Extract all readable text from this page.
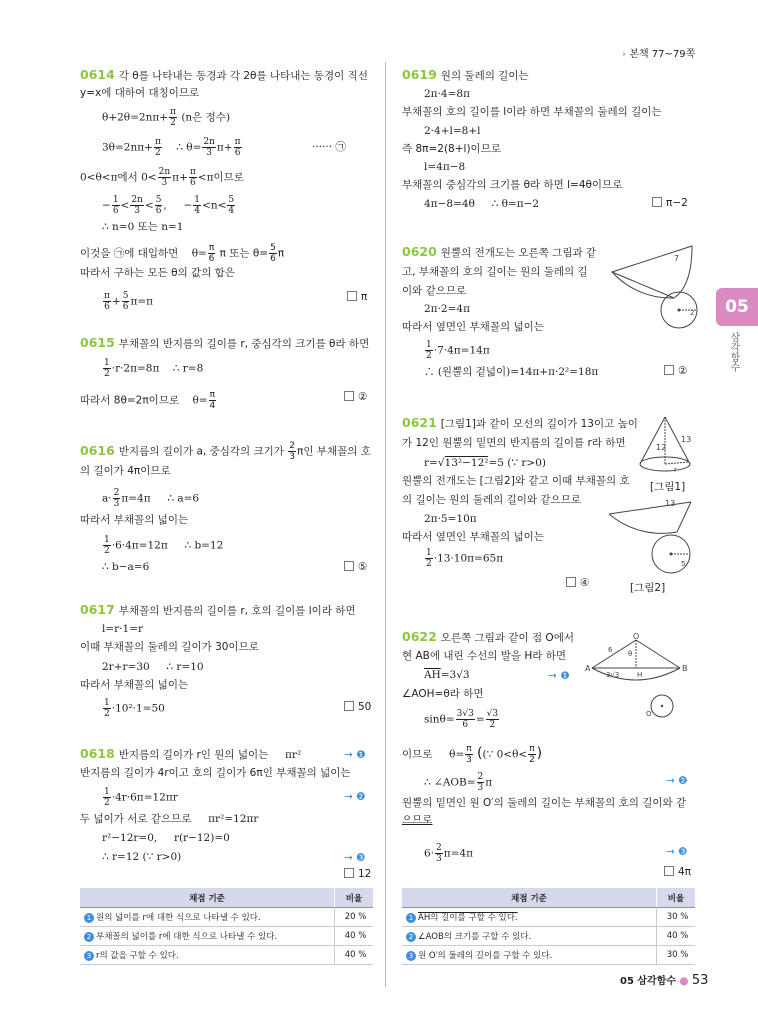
› 본책 77~79쪽
05
삼각함수
0614 각 θ를 나타내는 동경과 각 2θ를 나타내는 동경이 직선
y=x에 대하여 대칭이므로
$\theta+2\theta=2n\pi+ \frac{\pi}{2} (n$은 정수)
$3\theta=2n\pi+ \frac{\pi}{2}$ ∴ $\theta= \frac{2n}{3} \pi+ \frac{\pi}{6}$	······ ㉠
0<θ<π에서 $0< \frac{2n}{3} \pi+ \frac{\pi}{6} <\pi$이므로
− $\frac{1}{6} < \frac{2n}{3} < \frac{5}{6}$ , − $\frac{1}{4} <n< \frac{5}{4}$
∴ n=0 또는 n=1
이것을 ㉠에 대입하면 $\theta= \frac{\pi}{6}$ π 또는 $\theta= \frac{5}{6}$ π
따라서 구하는 모든 θ의 값의 합은
$\frac{\pi}{6} + \frac{5}{6} \pi=\pi$	π
0615 부채꼴의 반지름의 길이를 r, 중심각의 크기를 θ라 하면
$\frac{1}{2} \cdot r\cdot 2\pi=8\pi$ ∴ r=8
따라서 8θ=2π이므로 $\theta= \frac{\pi}{4}$	②
0616 반지름의 길이가 a, 중심각의 크기가 $\frac{2}{3}$ π인 부채꼴의 호
의 길이가 4π이므로
$a\cdot \frac{2}{3} \pi=4\pi$ ∴ a=6
따라서 부채꼴의 넓이는
$\frac{1}{2} \cdot 6\cdot 4\pi=12\pi$ ∴ b=12
∴ b−a=6	⑤
0617 부채꼴의 반지름의 길이를 r, 호의 길이를 l이라 하면
l=r·1=r
이때 부채꼴의 둘레의 길이가 30이므로
2r+r=30 ∴ r=10
따라서 부채꼴의 넓이는
$\frac{1}{2} \cdot 10^2\cdot 1=50$	50
0618 반지름의 길이가 r인 원의 넓이는 πr²	→ ❶
반지름의 길이가 4r이고 호의 길이가 6π인 부채꼴의 넓이는
$\frac{1}{2} \cdot 4r\cdot 6\pi=12\pi r$	→ ❷
두 넓이가 서로 같으므로 πr²=12πr
r²−12r=0, r(r−12)=0
∴ r=12 (∵ r>0)	→ ❸
12
채점 기준	비율
1 원의 넓이를 r에 대한 식으로 나타낼 수 있다.	20 %
2 부채꼴의 넓이를 r에 대한 식으로 나타낼 수 있다.	40 %
3 r의 값을 구할 수 있다.	40 %
0619 원의 둘레의 길이는
2π·4=8π
부채꼴의 호의 길이를 l이라 하면 부채꼴의 둘레의 길이는
2·4+l=8+l
즉 8π=2(8+l)이므로
l=4π−8
부채꼴의 중심각의 크기를 θ라 하면 l=4θ이므로
4π−8=4θ ∴ θ=π−2	π−2
0620 원뿔의 전개도는 오른쪽 그림과 같
고, 부채꼴의 호의 길이는 원의 둘레의 길
이와 같으므로
2π·2=4π
따라서 옆면인 부채꼴의 넓이는
$\frac{1}{2} \cdot 7\cdot 4\pi=14\pi$
∴ (원뿔의 겉넓이)=14π+π·2²=18π	②
7
2
0621 [그림1]과 같이 모선의 길이가 13이고 높이
가 12인 원뿔의 밑면의 반지름의 길이를 r라 하면
r=√13²−12²=5 (∵ r>0)
원뿔의 전개도는 [그림2]와 같고 이때 부채꼴의 호
의 길이는 원의 둘레의 길이와 같으므로
2π·5=10π
따라서 옆면인 부채꼴의 넓이는
$\frac{1}{2} \cdot 13\cdot 10\pi=65\pi$
④
13
12
r
[그림1]
13
5
[그림2]
0622 오른쪽 그림과 같이 점 O에서
현 AB에 내린 수선의 발을 H라 하면
$\overline{AH}=3√3$	→ ❶
∠AOH=θ라 하면
$\sin\theta= \frac{3√3}{6} = \frac{√3}{2}$
이므로 $\theta= \frac{\pi}{3}$ ((∵ $0<\theta< \frac{\pi}{2}$ )
∴ ∠AOB= $\frac{2}{3}$ π	→ ❷
원뿔의 밑면인 원 O′의 둘레의 길이는 부채꼴의 호의 길이와 같
으므로
$6\cdot \frac{2}{3} \pi=4\pi$	→ ❸
4π
O
A	B
H
6 θ
3√3
O′
채점 기준	비율
1 AH의 길이를 구할 수 있다.	30 %
2 ∠AOB의 크기를 구할 수 있다.	40 %
3 원 O′의 둘레의 길이를 구할 수 있다.	30 %
05 삼각함수 ● 53
